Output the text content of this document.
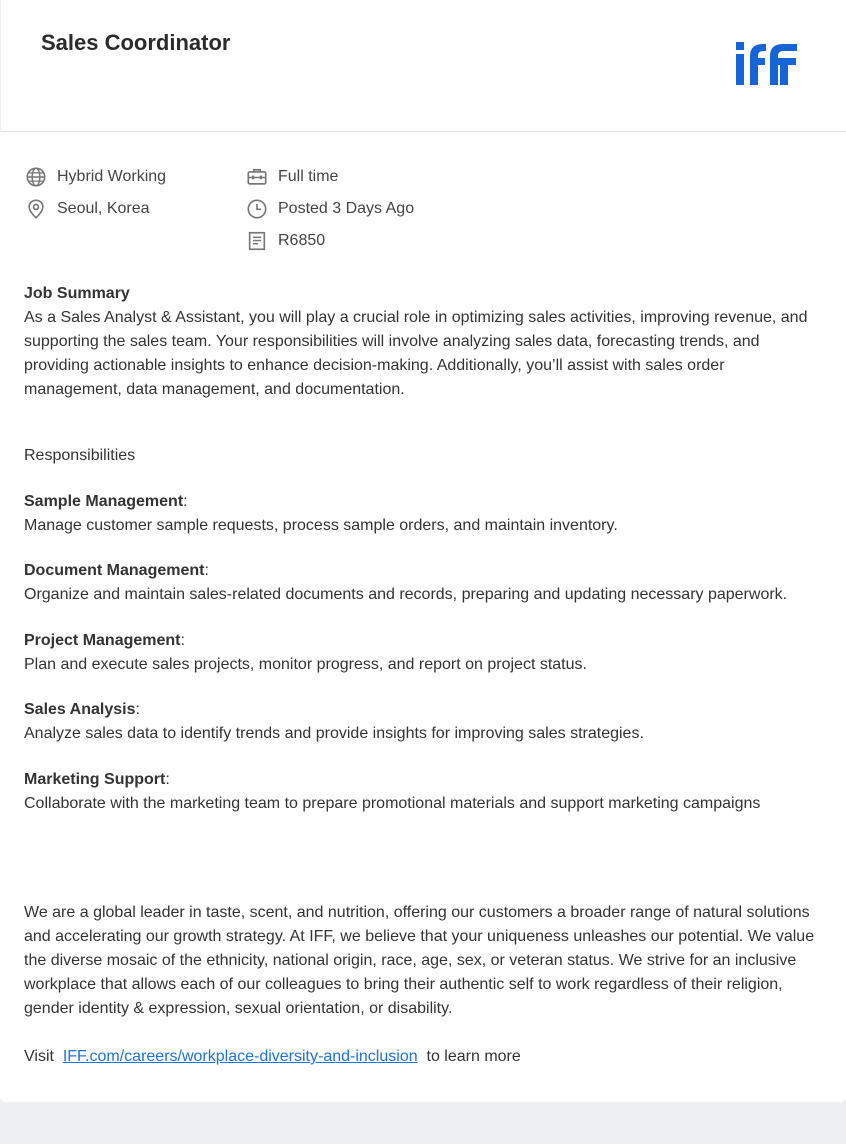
Sales Coordinator
Hybrid Working
Seoul, Korea
Full time
Posted 3 Days Ago
R6850

Job Summary

As a Sales Analyst & Assistant, you will play a crucial role in optimizing sales activities, improving revenue, and supporting the sales team. Your responsibilities will involve analyzing sales data, forecasting trends, and providing actionable insights to enhance decision-making. Additionally, you’ll assist with sales order management, data management, and documentation.

Responsibilities

Sample Management:

Manage customer sample requests, process sample orders, and maintain inventory.

Document Management:

Organize and maintain sales-related documents and records, preparing and updating necessary paperwork.

Project Management:

Plan and execute sales projects, monitor progress, and report on project status.

Sales Analysis:

Analyze sales data to identify trends and provide insights for improving sales strategies.

Marketing Support:

Collaborate with the marketing team to prepare promotional materials and support marketing campaigns

We are a global leader in taste, scent, and nutrition, offering our customers a broader range of natural solutions and accelerating our growth strategy. At IFF, we believe that your uniqueness unleashes our potential. We value the diverse mosaic of the ethnicity, national origin, race, age, sex, or veteran status. We strive for an inclusive workplace that allows each of our colleagues to bring their authentic self to work regardless of their religion, gender identity & expression, sexual orientation, or disability.
Visit IFF.com/careers/workplace-diversity-and-inclusion to learn more
